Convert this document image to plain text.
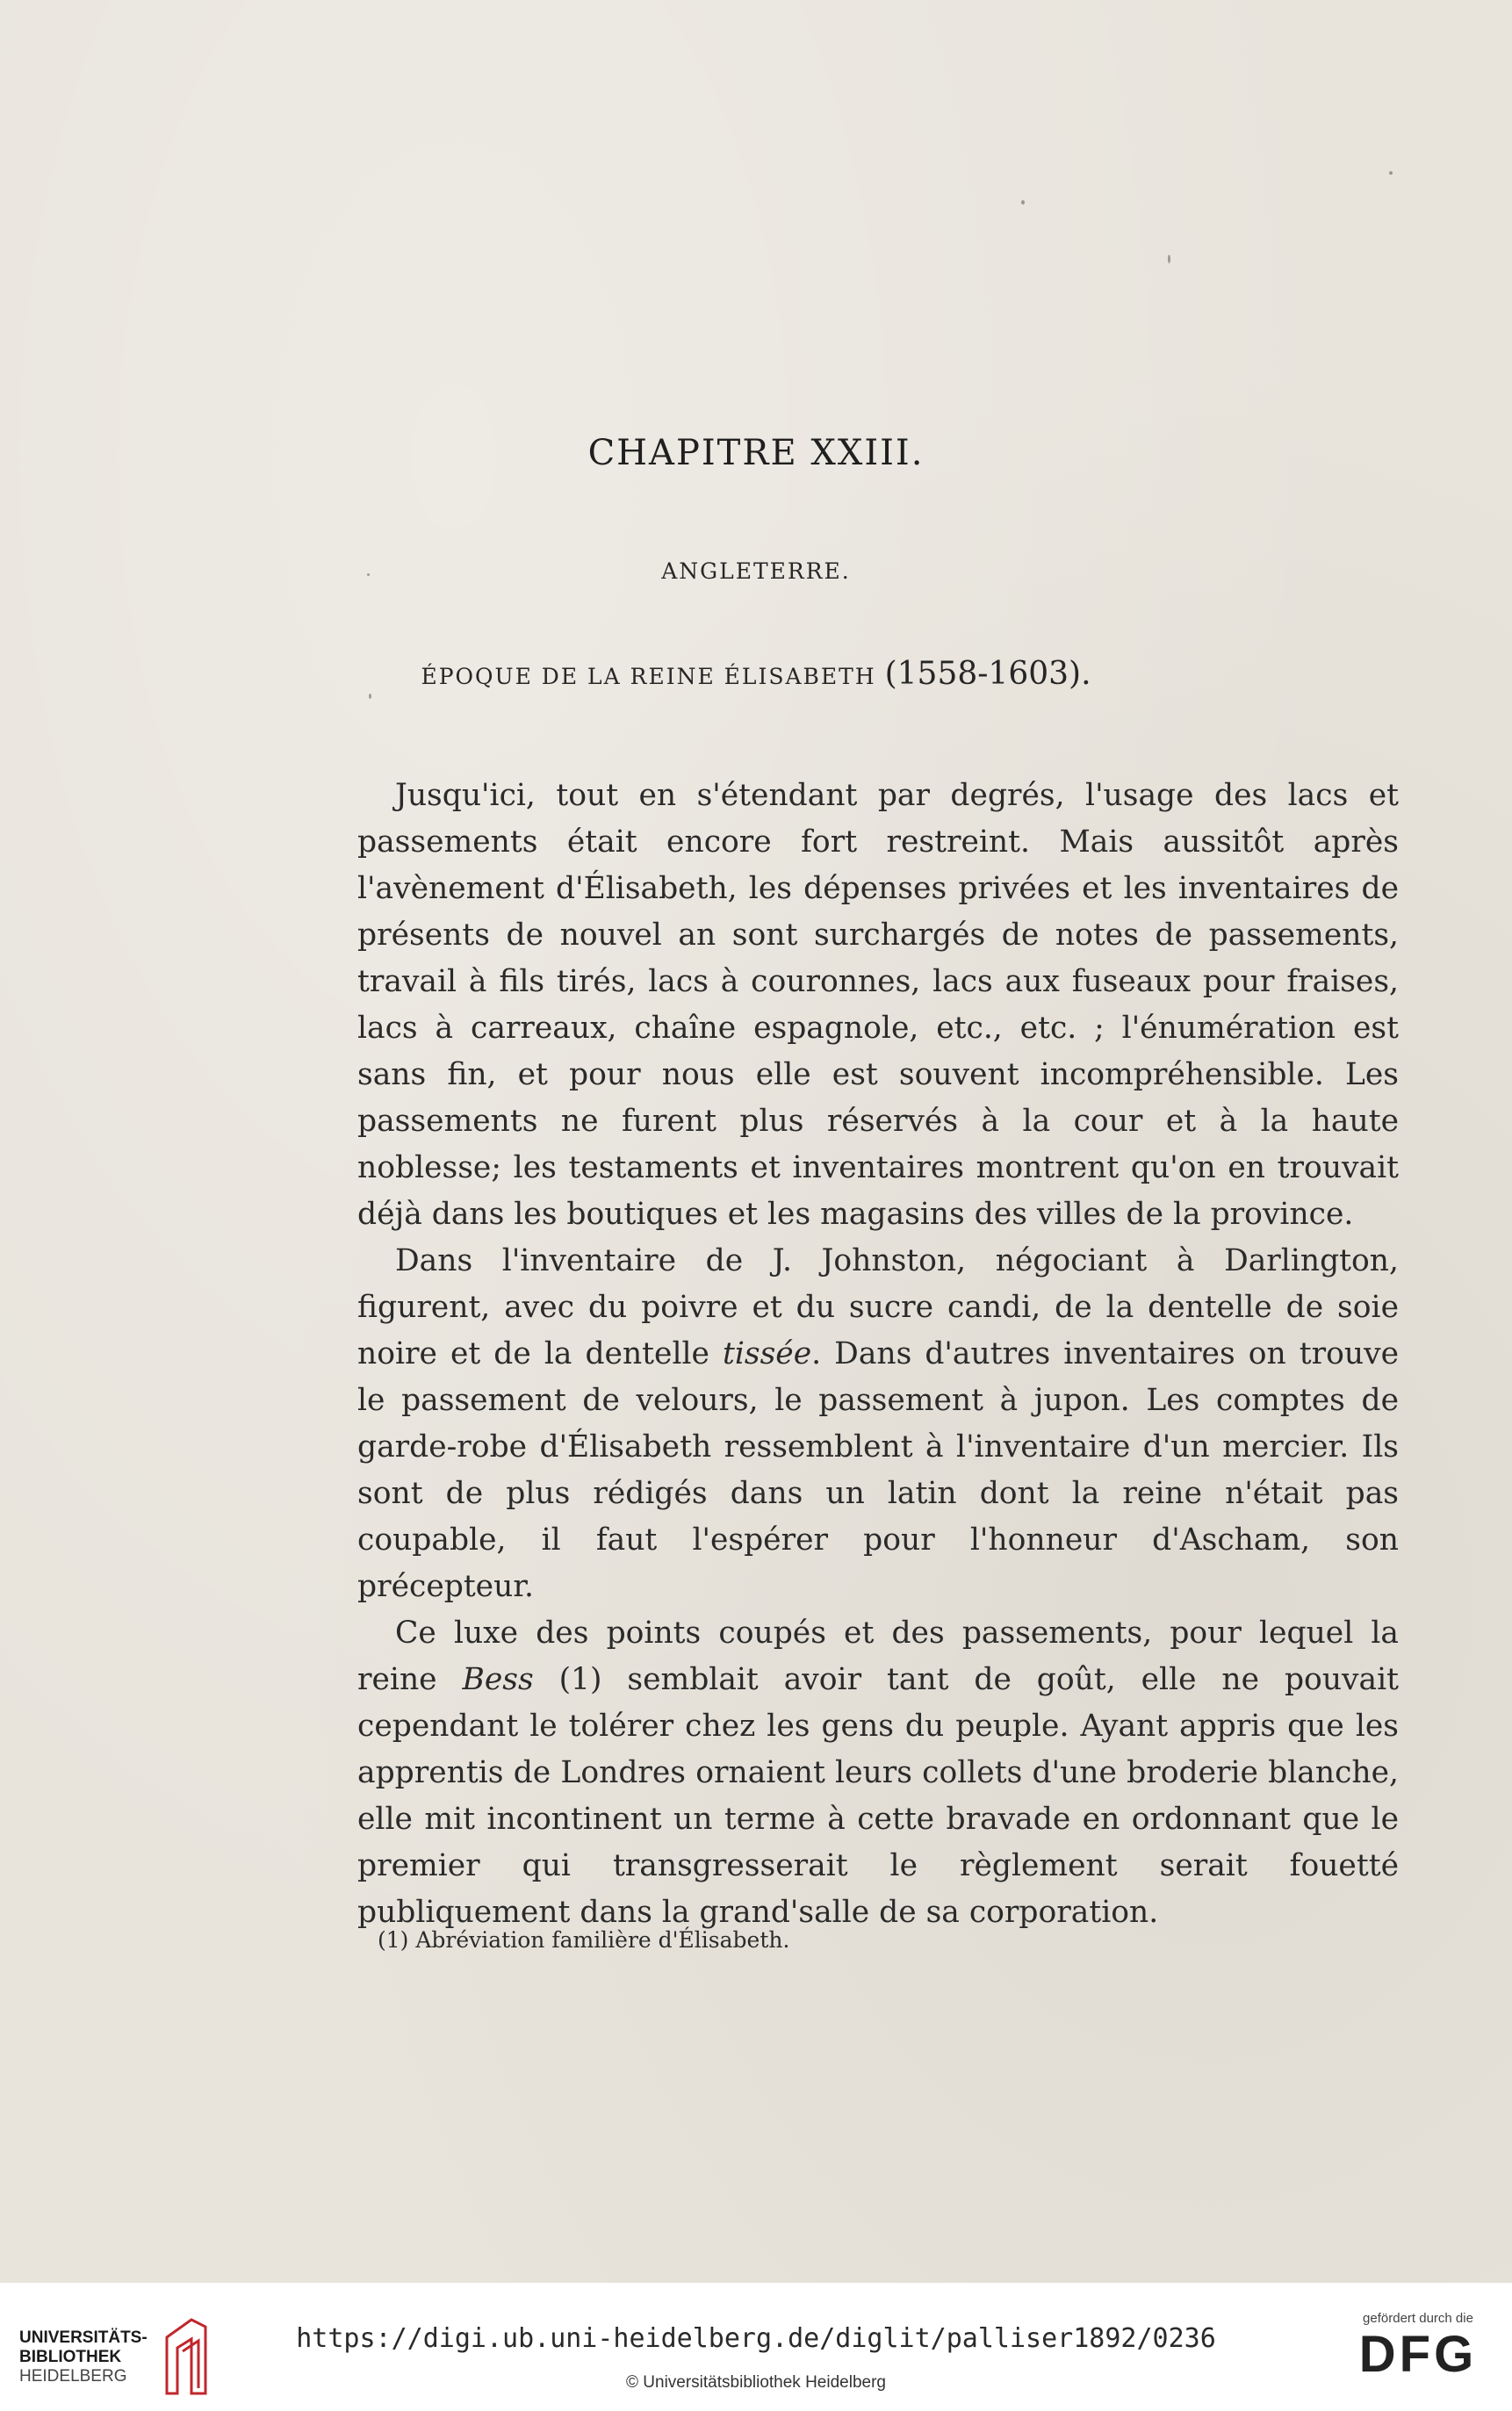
CHAPITRE XXIII.
ANGLETERRE.
ÉPOQUE DE LA REINE ÉLISABETH (1558-1603).

Jusqu'ici, tout en s'étendant par degrés, l'usage des lacs et passements était encore fort restreint. Mais aussitôt après l'avènement d'Élisabeth, les dépenses privées et les inventaires de présents de nouvel an sont surchargés de notes de passements, travail à fils tirés, lacs à couronnes, lacs aux fuseaux pour fraises, lacs à carreaux, chaîne espagnole, etc., etc. ; l'énumération est sans fin, et pour nous elle est souvent incompréhensible. Les passements ne furent plus réservés à la cour et à la haute noblesse; les testaments et inventaires montrent qu'on en trouvait déjà dans les boutiques et les magasins des villes de la province.

Dans l'inventaire de J. Johnston, négociant à Darlington, figurent, avec du poivre et du sucre candi, de la dentelle de soie noire et de la dentelle tissée. Dans d'autres inventaires on trouve le passement de velours, le passement à jupon. Les comptes de garde-robe d'Élisabeth ressemblent à l'inventaire d'un mercier. Ils sont de plus rédigés dans un latin dont la reine n'était pas coupable, il faut l'espérer pour l'honneur d'Ascham, son précepteur.

Ce luxe des points coupés et des passements, pour lequel la reine Bess (1) semblait avoir tant de goût, elle ne pouvait cependant le tolérer chez les gens du peuple. Ayant appris que les apprentis de Londres ornaient leurs collets d'une broderie blanche, elle mit incontinent un terme à cette bravade en ordonnant que le premier qui transgresserait le règlement serait fouetté publiquement dans la grand'salle de sa corporation.

(1) Abréviation familière d'Élisabeth.
UNIVERSITÄTS-
BIBLIOTHEK
HEIDELBERG
https://digi.ub.uni-heidelberg.de/diglit/palliser1892/0236
© Universitätsbibliothek Heidelberg
gefördert durch die
DFG
